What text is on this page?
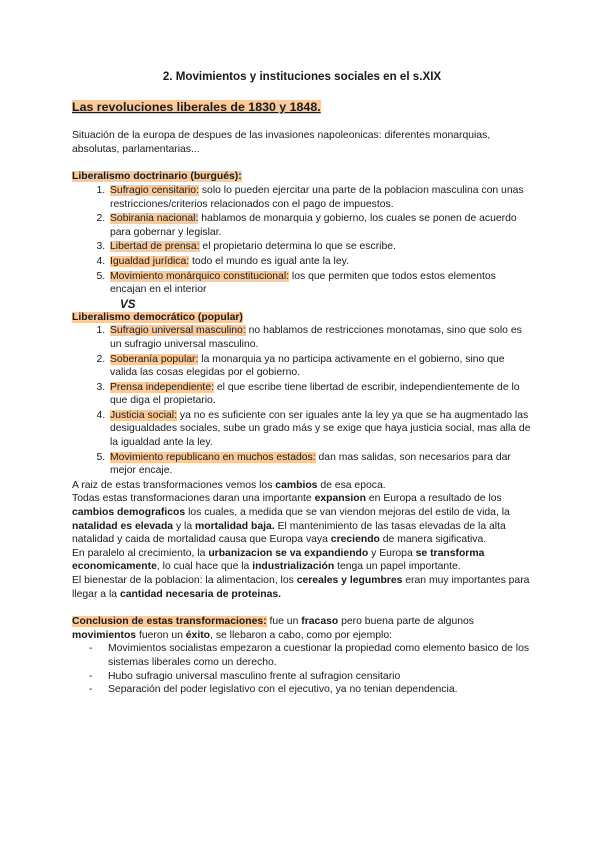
2. Movimientos y instituciones sociales en el s.XIX
Las revoluciones liberales de 1830 y 1848.

Situación de la europa de despues de las invasiones napoleonicas: diferentes monarquias, absolutas, parlamentarias...

Liberalismo doctrinario (burgués):

1. Sufragio censitario: solo lo pueden ejercitar una parte de la poblacion masculina con unas restricciones/criterios relacionados con el pago de impuestos.
2. Sobirania nacional: hablamos de monarquia y gobierno, los cuales se ponen de acuerdo para gobernar y legislar.
3. Libertad de prensa: el propietario determina lo que se escribe.
4. Igualdad jurídica: todo el mundo es igual ante la ley.
5. Movimiento monárquico constitucional: los que permiten que todos estos elementos encajan en el interior

VS

Liberalismo democrático (popular)

1. Sufragio universal masculino: no hablamos de restricciones monotamas, sino que solo es un sufragio universal masculino.
2. Soberanía popular: la monarquia ya no participa activamente en el gobierno, sino que valida las cosas elegidas por el gobierno.
3. Prensa independiente: el que escribe tiene libertad de escribir, independientemente de lo que diga el propietario.
4. Justicia social: ya no es suficiente con ser iguales ante la ley ya que se ha augmentado las desigualdades sociales, sube un grado más y se exige que haya justicia social, mas alla de la igualdad ante la ley.
5. Movimiento republicano en muchos estados: dan mas salidas, son necesarios para dar mejor encaje.

A raiz de estas transformaciones vemos los cambios de esa epoca.

Todas estas transformaciones daran una importante expansion en Europa a resultado de los cambios demograficos los cuales, a medida que se van viendon mejoras del estilo de vida, la natalidad es elevada y la mortalidad baja. El mantenimiento de las tasas elevadas de la alta natalidad y caida de mortalidad causa que Europa vaya creciendo de manera sigificativa.

En paralelo al crecimiento, la urbanizacion se va expandiendo y Europa se transforma economicamente, lo cual hace que la industrialización tenga un papel importante.

El bienestar de la poblacion: la alimentacion, los cereales y legumbres eran muy importantes para llegar a la cantidad necesaria de proteinas.

Conclusion de estas transformaciones: fue un fracaso pero buena parte de algunos movimientos fueron un éxito, se llebaron a cabo, como por ejemplo:

- Movimientos socialistas empezaron a cuestionar la propiedad como elemento basico de los sistemas liberales como un derecho.
- Hubo sufragio universal masculino frente al sufragion censitario
- Separación del poder legislativo con el ejecutivo, ya no tenian dependencia.
